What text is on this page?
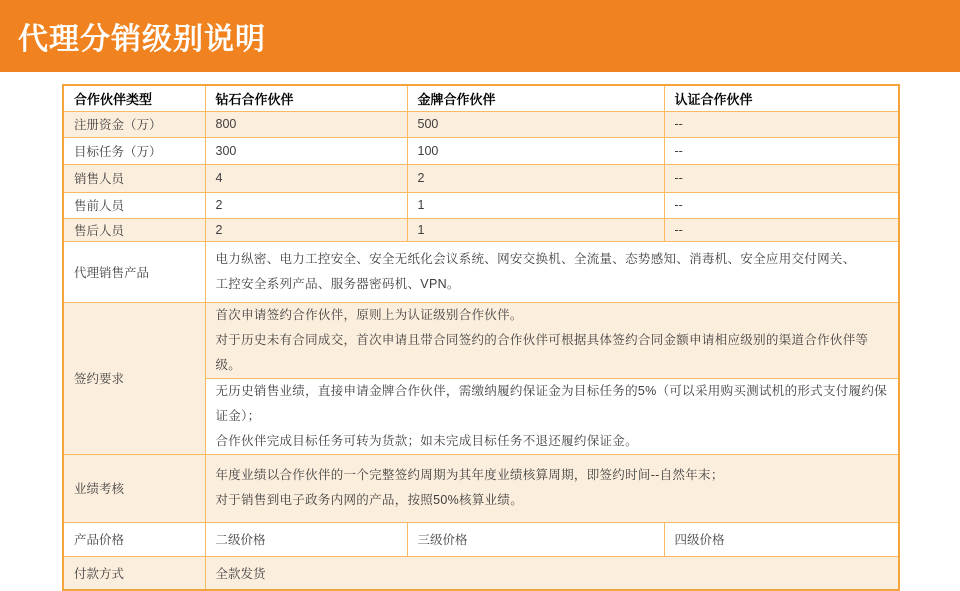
代理分销级别说明
合作伙伴类型	钻石合作伙伴	金牌合作伙伴	认证合作伙伴
注册资金（万）	800	500	--
目标任务（万）	300	100	--
销售人员	4	2	--
售前人员	2	1	--
售后人员	2	1	--
代理销售产品	电力纵密、电力工控安全、安全无纸化会议系统、网安交换机、全流量、态势感知、消毒机、安全应用交付网关、
工控安全系列产品、服务器密码机、VPN。		

签约要求	首次申请签约合作伙伴，原则上为认证级别合作伙伴。
对于历史未有合同成交，首次申请且带合同签约的合作伙伴可根据具体签约合同金额申请相应级别的渠道合作伙伴等级。		

	无历史销售业绩，直接申请金牌合作伙伴，需缴纳履约保证金为目标任务的5%（可以采用购买测试机的形式支付履约保证金）；
合作伙伴完成目标任务可转为货款；如未完成目标任务不退还履约保证金。		

业绩考核	年度业绩以合作伙伴的一个完整签约周期为其年度业绩核算周期，即签约时间--自然年末；
对于销售到电子政务内网的产品，按照50%核算业绩。		

产品价格	二级价格	三级价格	四级价格
付款方式	全款发货		
